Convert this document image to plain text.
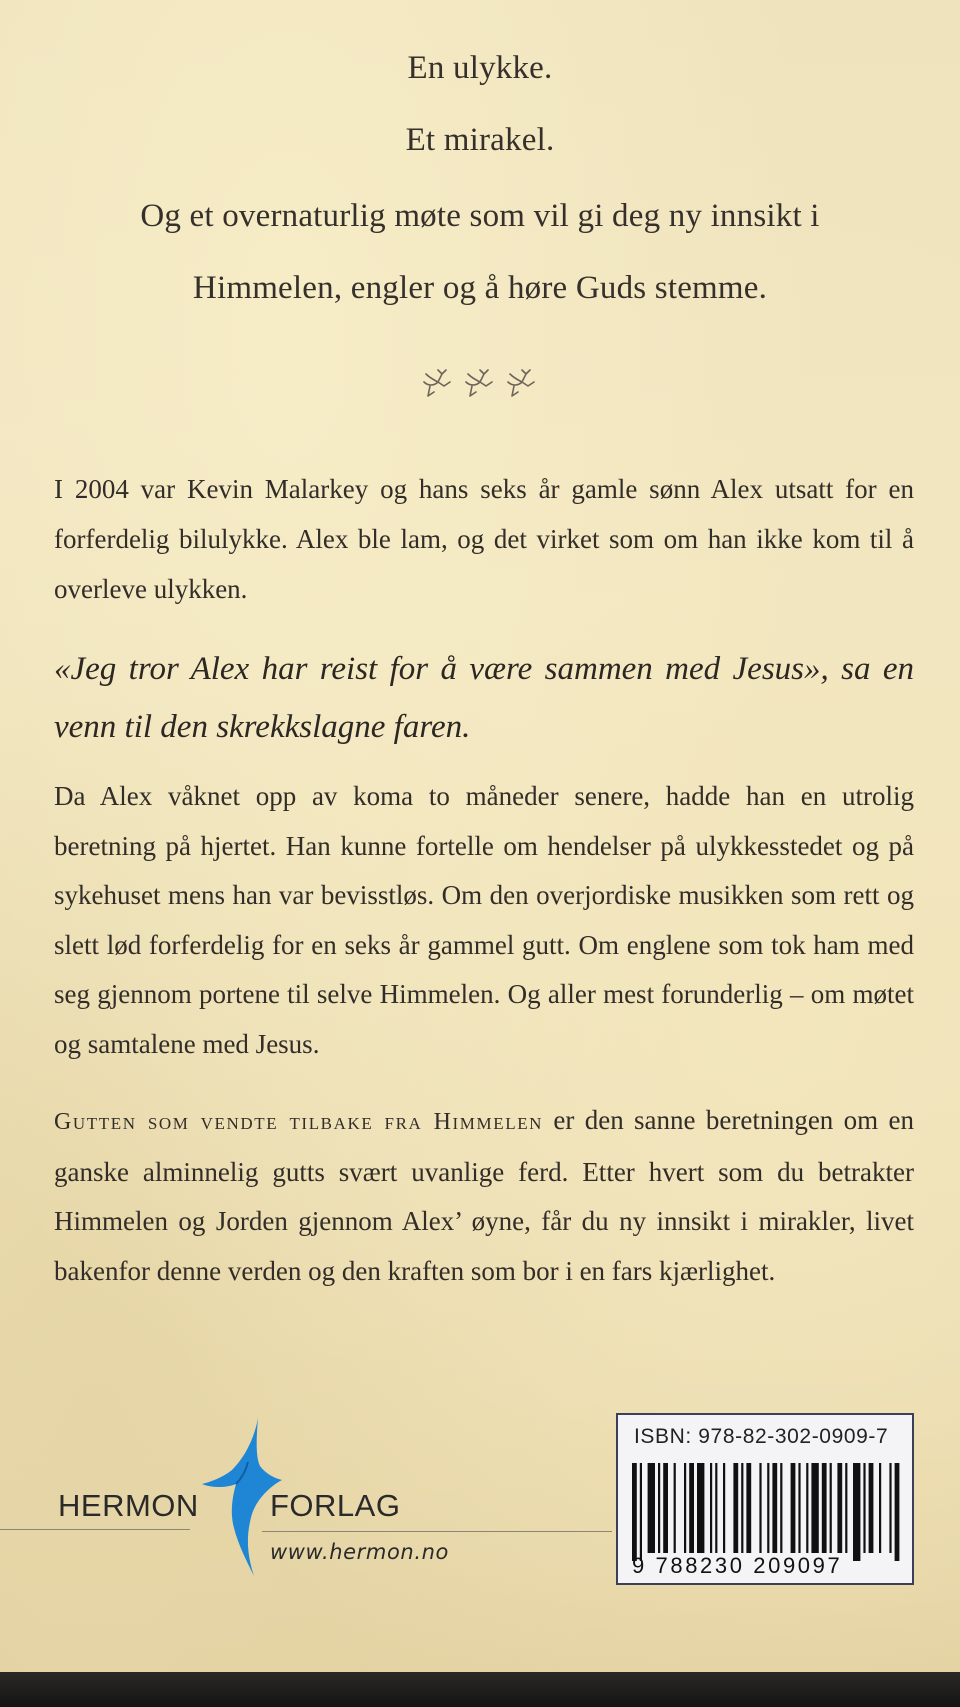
En ulykke.
Et mirakel.
Og et overnaturlig møte som vil gi deg ny innsikt i
Himmelen, engler og å høre Guds stemme.
I 2004 var Kevin Malarkey og hans seks år gamle sønn Alex utsatt for en forferdelig bilulykke. Alex ble lam, og det virket som om han ikke kom til å overleve ulykken.
«Jeg tror Alex har reist for å være sammen med Jesus», sa en venn til den skrekkslagne faren.
Da Alex våknet opp av koma to måneder senere, hadde han en utrolig beretning på hjertet. Han kunne fortelle om hendelser på ulykkesstedet og på sykehuset mens han var bevisstløs. Om den overjordiske musikken som rett og slett lød forferdelig for en seks år gammel gutt. Om englene som tok ham med seg gjennom portene til selve Himmelen. Og aller mest forunderlig – om møtet og samtalene med Jesus.
Gutten som vendte tilbake fra Himmelen er den sanne beretningen om en ganske alminnelig gutts svært uvanlige ferd. Etter hvert som du betrakter Himmelen og Jorden gjennom Alex’ øyne, får du ny innsikt i mirakler, livet bakenfor denne verden og den kraften som bor i en fars kjærlighet.
HERMON FORLAG
www.hermon.no
ISBN: 978-82-302-0909-7
9 788230 209097
